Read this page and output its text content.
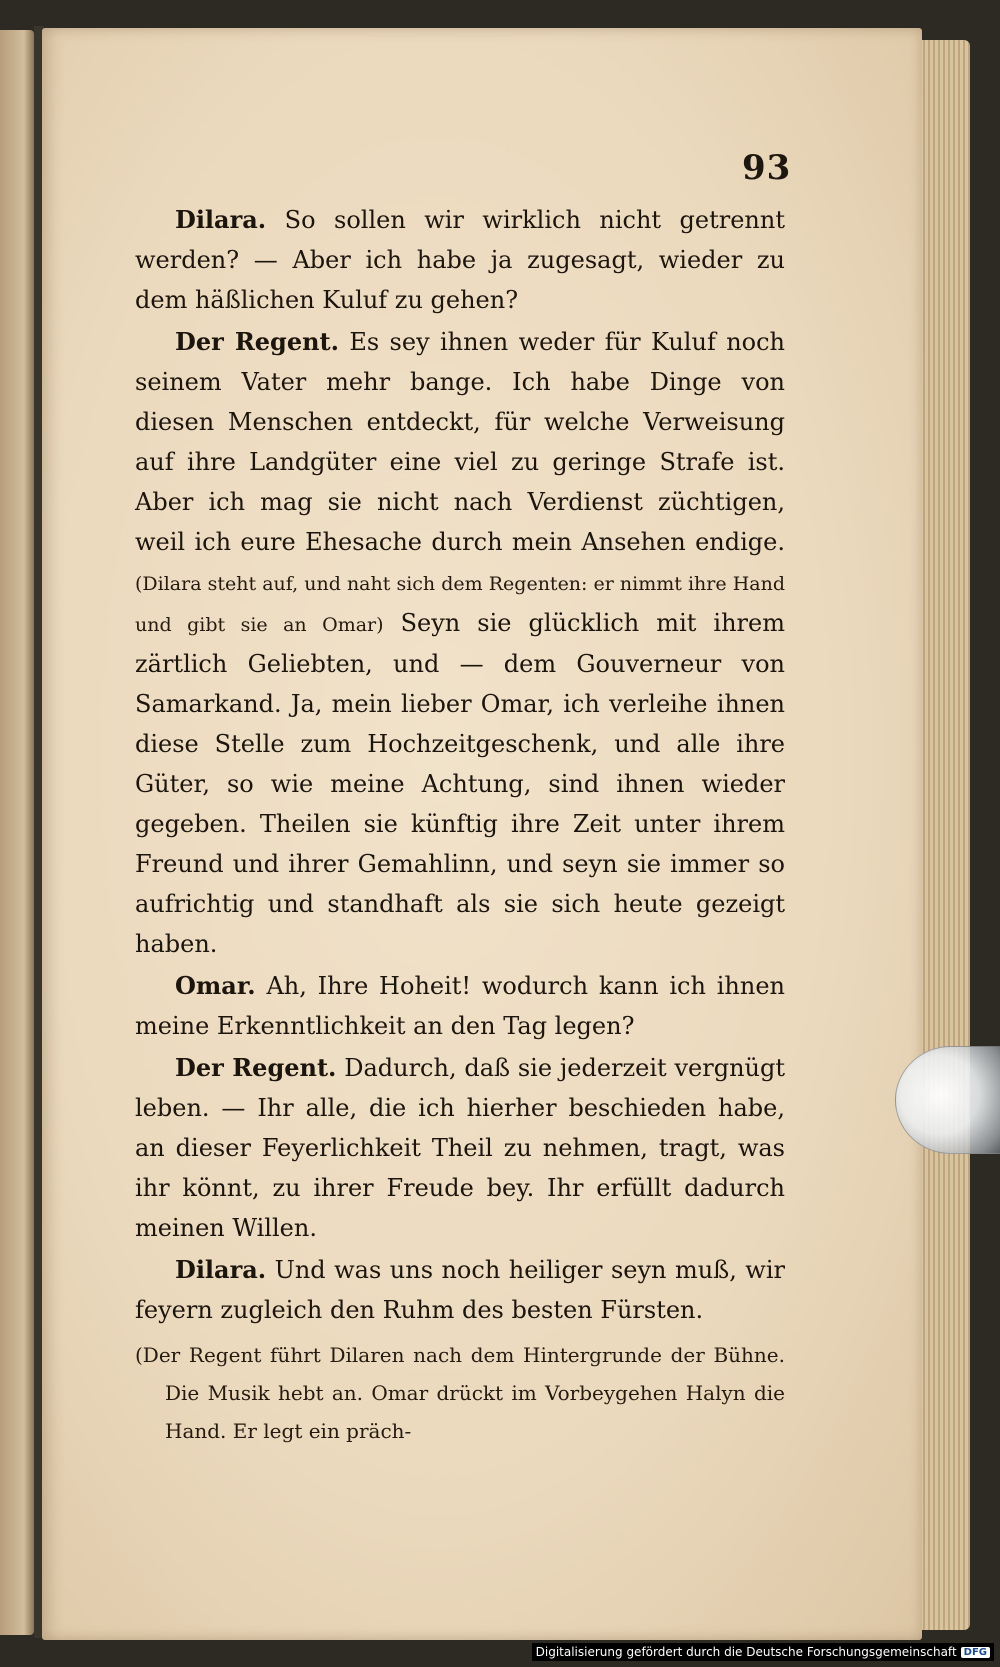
93

Dilara. So sollen wir wirklich nicht getrennt werden? — Aber ich habe ja zugesagt, wieder zu dem häßlichen Kuluf zu gehen?

Der Regent. Es sey ihnen weder für Kuluf noch seinem Vater mehr bange. Ich habe Dinge von diesen Menschen entdeckt, für welche Verweisung auf ihre Landgüter eine viel zu geringe Strafe ist. Aber ich mag sie nicht nach Verdienst züchtigen, weil ich eure Ehesache durch mein Ansehen endige. (Dilara steht auf, und naht sich dem Regenten: er nimmt ihre Hand und gibt sie an Omar) Seyn sie glücklich mit ihrem zärtlich Geliebten, und — dem Gouverneur von Samarkand. Ja, mein lieber Omar, ich verleihe ihnen diese Stelle zum Hochzeitgeschenk, und alle ihre Güter, so wie meine Achtung, sind ihnen wieder gegeben. Theilen sie künftig ihre Zeit unter ihrem Freund und ihrer Gemahlinn, und seyn sie immer so aufrichtig und standhaft als sie sich heute gezeigt haben.

Omar. Ah, Ihre Hoheit! wodurch kann ich ihnen meine Erkenntlichkeit an den Tag legen?

Der Regent. Dadurch, daß sie jederzeit vergnügt leben. — Ihr alle, die ich hierher beschieden habe, an dieser Feyerlichkeit Theil zu nehmen, tragt, was ihr könnt, zu ihrer Freude bey. Ihr erfüllt dadurch meinen Willen.

Dilara. Und was uns noch heiliger seyn muß, wir feyern zugleich den Ruhm des besten Fürsten.

(Der Regent führt Dilaren nach dem Hintergrunde der Bühne. Die Musik hebt an. Omar drückt im Vorbeygehen Halyn die Hand. Er legt ein präch-

Digitalisierung gefördert durch die Deutsche Forschungsgemeinschaft DFG
